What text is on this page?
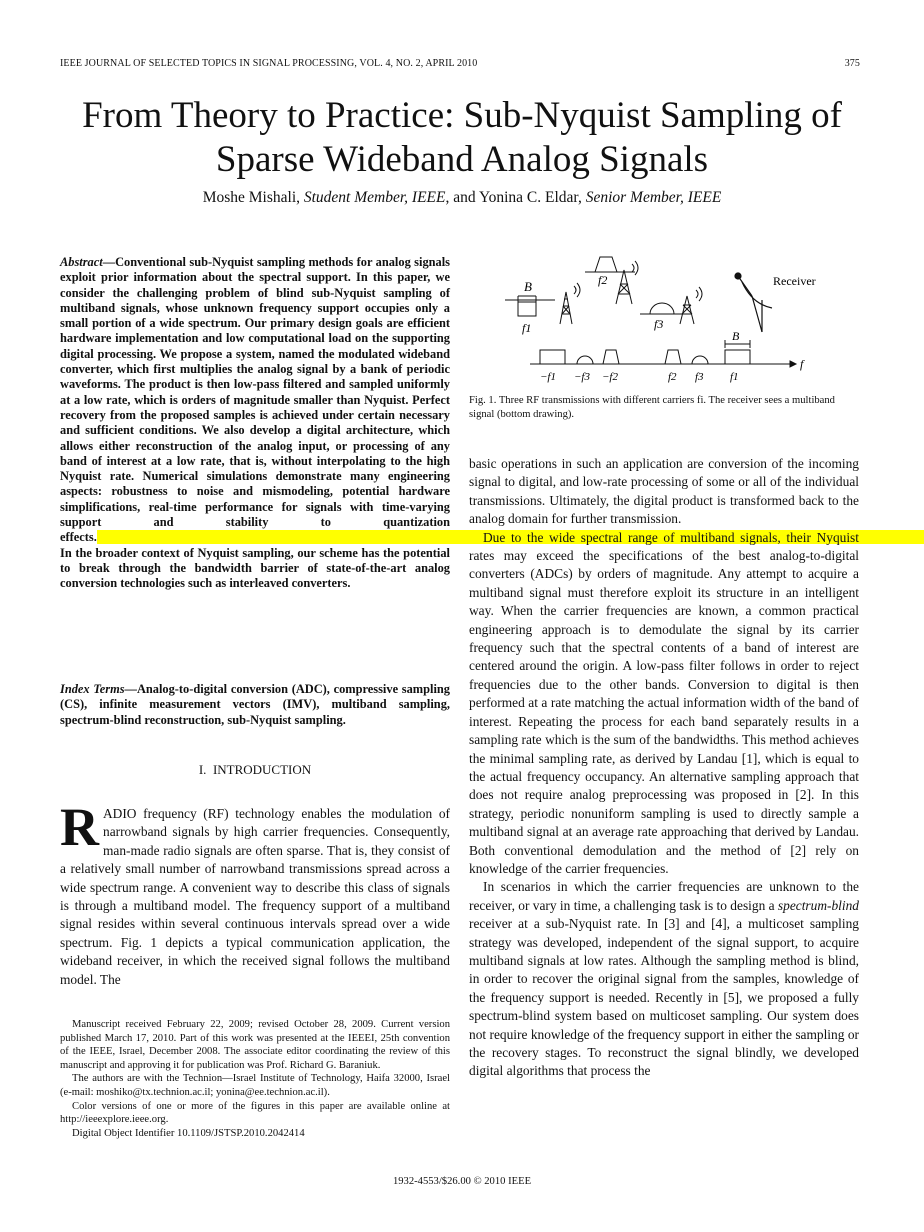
IEEE JOURNAL OF SELECTED TOPICS IN SIGNAL PROCESSING, VOL. 4, NO. 2, APRIL 2010	375
From Theory to Practice: Sub-Nyquist Sampling of
Sparse Wideband Analog Signals
Moshe Mishali, Student Member, IEEE, and Yonina C. Eldar, Senior Member, IEEE
Abstract—Conventional sub-Nyquist sampling methods for analog signals exploit prior information about the spectral support. In this paper, we consider the challenging problem of blind sub-Nyquist sampling of multiband signals, whose unknown frequency support occupies only a small portion of a wide spectrum. Our primary design goals are efficient hardware implementation and low computational load on the supporting digital processing. We propose a system, named the modulated wideband converter, which first multiplies the analog signal by a bank of periodic waveforms. The product is then low-pass filtered and sampled uniformly at a low rate, which is orders of magnitude smaller than Nyquist. Perfect recovery from the proposed samples is achieved under certain necessary and sufficient conditions. We also develop a digital architecture, which allows either reconstruction of the analog input, or processing of any band of interest at a low rate, that is, without interpolating to the high Nyquist rate. Numerical simulations demonstrate many engineering aspects: robustness to noise and mismodeling, potential hardware simplifications, real-time performance for signals with time-varying support and stability to quantization effects.                                                                                                                                                                                                                                                                                                                                                                                                                                                               In the broader context of Nyquist sampling, our scheme has the potential to break through the bandwidth barrier of state-of-the-art analog conversion technologies such as interleaved converters.
Index Terms—Analog-to-digital conversion (ADC), compressive sampling (CS), infinite measurement vectors (IMV), multiband sampling, spectrum-blind reconstruction, sub-Nyquist sampling.
I. INTRODUCTION

RADIO frequency (RF) technology enables the modulation of narrowband signals by high carrier frequencies. Consequently, man-made radio signals are often sparse. That is, they consist of a relatively small number of narrowband transmissions spread across a wide spectrum range. A convenient way to describe this class of signals is through a multiband model. The frequency support of a multiband signal resides within several continuous intervals spread over a wide spectrum. Fig. 1 depicts a typical communication application, the wideband receiver, in which the received signal follows the multiband model. The

Manuscript received February 22, 2009; revised October 28, 2009. Current version published March 17, 2010. Part of this work was presented at the IEEEI, 25th convention of the IEEE, Israel, December 2008. The associate editor coordinating the review of this manuscript and approving it for publication was Prof. Richard G. Baraniuk.

The authors are with the Technion—Israel Institute of Technology, Haifa 32000, Israel (e-mail: moshiko@tx.technion.ac.il; yonina@ee.technion.ac.il).

Color versions of one or more of the figures in this paper are available online at http://ieeexplore.ieee.org.

Digital Object Identifier 10.1109/JSTSP.2010.2042414

B
f1
f2
f3
Receiver
B
f
−f1 −f3 −f2	f2 f3 f1
Fig. 1. Three RF transmissions with different carriers fi. The receiver sees a multiband signal (bottom drawing).

basic operations in such an application are conversion of the incoming signal to digital, and low-rate processing of some or all of the individual transmissions. Ultimately, the digital product is transformed back to the analog domain for further transmission.

Due to the wide spectral range of multiband signals, their Nyquist rates may exceed the specifications of the best analog-to-digital converters (ADCs) by orders of magnitude. Any attempt to acquire a multiband signal must therefore exploit its structure in an intelligent way. When the carrier frequencies are known, a common practical engineering approach is to demodulate the signal by its carrier frequency such that the spectral contents of a band of interest are centered around the origin. A low-pass filter follows in order to reject frequencies due to the other bands. Conversion to digital is then performed at a rate matching the actual information width of the band of interest. Repeating the process for each band separately results in a sampling rate which is the sum of the bandwidths. This method achieves the minimal sampling rate, as derived by Landau [1], which is equal to the actual frequency occupancy. An alternative sampling approach that does not require analog preprocessing was proposed in [2]. In this strategy, periodic nonuniform sampling is used to directly sample a multiband signal at an average rate approaching that derived by Landau. Both conventional demodulation and the method of [2] rely on knowledge of the carrier frequencies.

In scenarios in which the carrier frequencies are unknown to the receiver, or vary in time, a challenging task is to design a spectrum-blind receiver at a sub-Nyquist rate. In [3] and [4], a multicoset sampling strategy was developed, independent of the signal support, to acquire multiband signals at low rates. Although the sampling method is blind, in order to recover the original signal from the samples, knowledge of the frequency support is needed. Recently in [5], we proposed a fully spectrum-blind system based on multicoset sampling. Our system does not require knowledge of the frequency support in either the sampling or the recovery stages. To reconstruct the signal blindly, we developed digital algorithms that process the

1932-4553/$26.00 © 2010 IEEE
